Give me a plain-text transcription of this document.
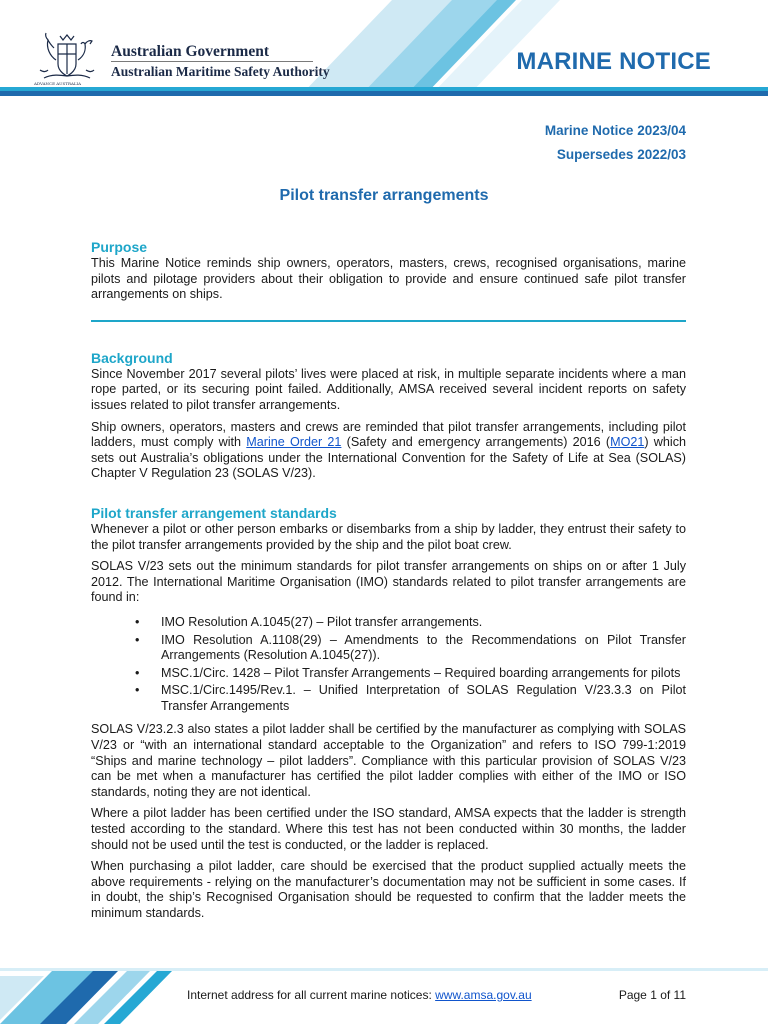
ADVANCE AUSTRALIA
Australian Government
Australian Maritime Safety Authority	MARINE NOTICE
Marine Notice 2023/04
Supersedes 2022/03
Pilot transfer arrangements
Purpose

This Marine Notice reminds ship owners, operators, masters, crews, recognised organisations, marine pilots and pilotage providers about their obligation to provide and ensure continued safe pilot transfer arrangements on ships.

Background

Since November 2017 several pilots’ lives were placed at risk, in multiple separate incidents where a man rope parted, or its securing point failed. Additionally, AMSA received several incident reports on safety issues related to pilot transfer arrangements.

Ship owners, operators, masters and crews are reminded that pilot transfer arrangements, including pilot ladders, must comply with Marine Order 21 (Safety and emergency arrangements) 2016 (MO21) which sets out Australia’s obligations under the International Convention for the Safety of Life at Sea (SOLAS) Chapter V Regulation 23 (SOLAS V/23).

Pilot transfer arrangement standards

Whenever a pilot or other person embarks or disembarks from a ship by ladder, they entrust their safety to the pilot transfer arrangements provided by the ship and the pilot boat crew.

SOLAS V/23 sets out the minimum standards for pilot transfer arrangements on ships on or after 1 July 2012. The International Maritime Organisation (IMO) standards related to pilot transfer arrangements are found in:

• IMO Resolution A.1045(27) – Pilot transfer arrangements.
• IMO Resolution A.1108(29) – Amendments to the Recommendations on Pilot Transfer Arrangements (Resolution A.1045(27)).
• MSC.1/Circ. 1428 – Pilot Transfer Arrangements – Required boarding arrangements for pilots
• MSC.1/Circ.1495/Rev.1. – Unified Interpretation of SOLAS Regulation V/23.3.3 on Pilot Transfer Arrangements

SOLAS V/23.2.3 also states a pilot ladder shall be certified by the manufacturer as complying with SOLAS V/23 or “with an international standard acceptable to the Organization” and refers to ISO 799-1:2019 “Ships and marine technology – pilot ladders”. Compliance with this particular provision of SOLAS V/23 can be met when a manufacturer has certified the pilot ladder complies with either of the IMO or ISO standards, noting they are not identical.

Where a pilot ladder has been certified under the ISO standard, AMSA expects that the ladder is strength tested according to the standard. Where this test has not been conducted within 30 months, the ladder should not be used until the test is conducted, or the ladder is replaced.

When purchasing a pilot ladder, care should be exercised that the product supplied actually meets the above requirements - relying on the manufacturer’s documentation may not be sufficient in some cases. If in doubt, the ship’s Recognised Organisation should be requested to confirm that the ladder meets the minimum standards.

Internet address for all current marine notices: www.amsa.gov.au	Page 1 of 11
